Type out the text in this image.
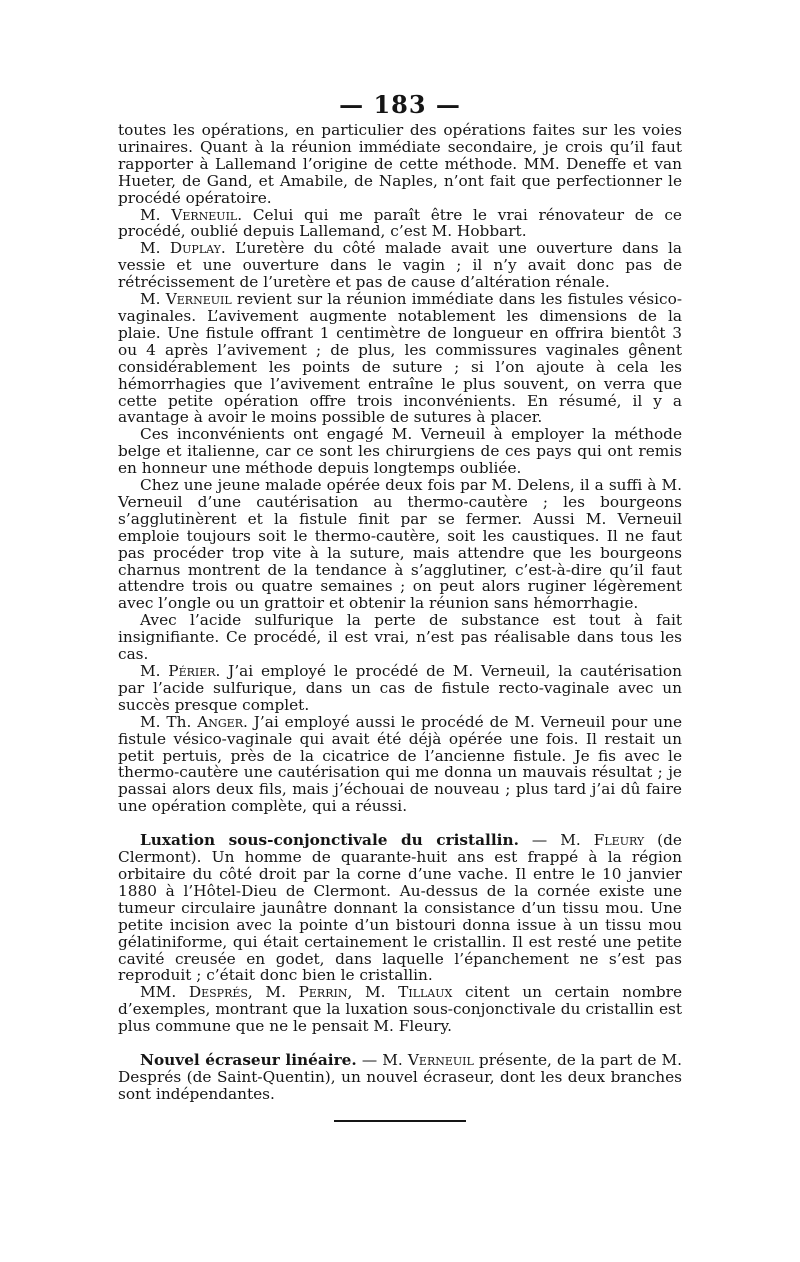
— 183 —

toutes les opérations, en particulier des opérations faites sur les voies urinaires. Quant à la réunion immédiate secondaire, je crois qu’il faut rapporter à Lallemand l’origine de cette méthode. MM. Deneffe et van Hueter, de Gand, et Amabile, de Naples, n’ont fait que perfectionner le procédé opératoire.

M. Verneuil. Celui qui me paraît être le vrai rénovateur de ce procédé, oublié depuis Lallemand, c’est M. Hobbart.

M. Duplay. L’uretère du côté malade avait une ouverture dans la vessie et une ouverture dans le vagin ; il n’y avait donc pas de rétrécissement de l’uretère et pas de cause d’altération rénale.

M. Verneuil revient sur la réunion immédiate dans les fistules vésico-vaginales. L’avivement augmente notablement les dimensions de la plaie. Une fistule offrant 1 centimètre de longueur en offrira bientôt 3 ou 4 après l’avivement ; de plus, les commissures vaginales gênent considérablement les points de suture ; si l’on ajoute à cela les hémorrhagies que l’avivement entraîne le plus souvent, on verra que cette petite opération offre trois inconvénients. En résumé, il y a avantage à avoir le moins possible de sutures à placer.

Ces inconvénients ont engagé M. Verneuil à employer la méthode belge et italienne, car ce sont les chirurgiens de ces pays qui ont remis en honneur une méthode depuis longtemps oubliée.

Chez une jeune malade opérée deux fois par M. Delens, il a suffi à M. Verneuil d’une cautérisation au thermo-cautère ; les bourgeons s’agglutinèrent et la fistule finit par se fermer. Aussi M. Verneuil emploie toujours soit le thermo-cautère, soit les caustiques. Il ne faut pas procéder trop vite à la suture, mais attendre que les bourgeons charnus montrent de la tendance à s’agglutiner, c’est-à-dire qu’il faut attendre trois ou quatre semaines ; on peut alors ruginer légèrement avec l’ongle ou un grattoir et obtenir la réunion sans hémorrhagie.

Avec l’acide sulfurique la perte de substance est tout à fait insignifiante. Ce procédé, il est vrai, n’est pas réalisable dans tous les cas.

M. Périer. J’ai employé le procédé de M. Verneuil, la cautérisation par l’acide sulfurique, dans un cas de fistule recto-vaginale avec un succès presque complet.

M. Th. Anger. J’ai employé aussi le procédé de M. Verneuil pour une fistule vésico-vaginale qui avait été déjà opérée une fois. Il restait un petit pertuis, près de la cicatrice de l’ancienne fistule. Je fis avec le thermo-cautère une cautérisation qui me donna un mauvais résultat ; je passai alors deux fils, mais j’échouai de nouveau ; plus tard j’ai dû faire une opération complète, qui a réussi.

Luxation sous-conjonctivale du cristallin. — M. Fleury (de Clermont). Un homme de quarante-huit ans est frappé à la région orbitaire du côté droit par la corne d’une vache. Il entre le 10 janvier 1880 à l’Hôtel-Dieu de Clermont. Au-dessus de la cornée existe une tumeur circulaire jaunâtre donnant la consistance d’un tissu mou. Une petite incision avec la pointe d’un bistouri donna issue à un tissu mou gélatiniforme, qui était certainement le cristallin. Il est resté une petite cavité creusée en godet, dans laquelle l’épanchement ne s’est pas reproduit ; c’était donc bien le cristallin.

MM. Després, M. Perrin, M. Tillaux citent un certain nombre d’exemples, montrant que la luxation sous-conjonctivale du cristallin est plus commune que ne le pensait M. Fleury.

Nouvel écraseur linéaire. — M. Verneuil présente, de la part de M. Després (de Saint-Quentin), un nouvel écraseur, dont les deux branches sont indépendantes.
